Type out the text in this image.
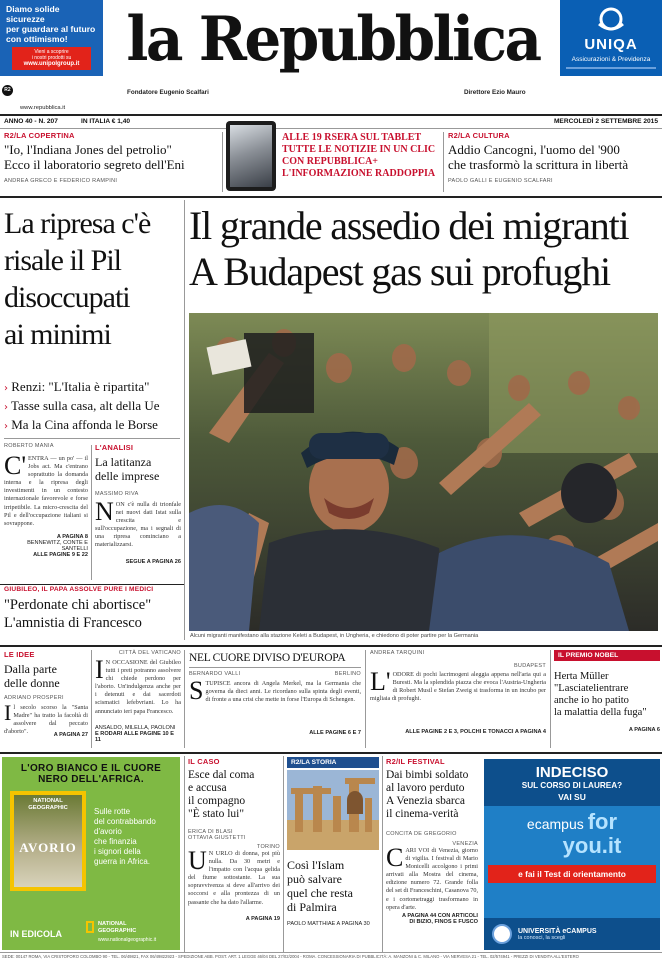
Diamo solide sicurezze
per guardare al futuro
con ottimismo!
Vieni a scoprire
i nostri prodotti su
www.unipolgroup.it
R2
www.repubblica.it
la Repubblica
Fondatore Eugenio Scalfari	Direttore Ezio Mauro
UNIQA
Assicurazioni & Previdenza
ANNO 40 - N. 207	IN ITALIA € 1,40	MERCOLEDÌ 2 SETTEMBRE 2015
R2/LA COPERTINA
"Io, l'Indiana Jones del petrolio"
Ecco il laboratorio segreto dell'Eni
ANDREA GRECO E FEDERICO RAMPINI
ALLE 19 RSERA SUL TABLET
TUTTE LE NOTIZIE IN UN CLIC
CON REPUBBLICA+
L'INFORMAZIONE RADDOPPIA
R2/LA CULTURA
Addio Cancogni, l'uomo del '900
che trasformò la scrittura in libertà
PAOLO GALLI E EUGENIO SCALFARI
La ripresa c'è
risale il Pil
disoccupati
ai minimi
› Renzi: "L'Italia è ripartita"
› Tasse sulla casa, alt della Ue
› Ma la Cina affonda le Borse
ROBERTO MANIA
C' ENTRA — un po' — il Jobs act. Ma c'entrano soprattutto la domanda interna e la ripresa degli investimenti in un contesto internazionale favorevole e forse irripetibile. La micro-crescita del Pil e dell'occupazione italiani si sovrappone.
A PAGINA 8
BENNEWITZ, CONTE E SANTELLI
ALLE PAGINE 9 E 22
L'ANALISI
La latitanza
delle imprese
MASSIMO RIVA
NON c'è nulla di trionfale nei nuovi dati Istat sulla crescita e sull'occupazione, ma i segnali di una ripresa cominciano a materializzarsi.
SEGUE A PAGINA 26
Il grande assedio dei migranti
A Budapest gas sui profughi
Alcuni migranti manifestano alla stazione Keleti a Budapest, in Ungheria, e chiedono di poter partire per la Germania
GIUBILEO, IL PAPA ASSOLVE PURE I MEDICI
"Perdonate chi abortisce"
L'amnistia di Francesco
LE IDEE
Dalla parte
delle donne
ADRIANO PROSPERI
Il secolo scorso la "Santa Madre" ha tratto la facoltà di assolvere dal peccato d'aborto".	A PAGINA 27
CITTÀ DEL VATICANO
I N OCCASIONE del Giubileo tutti i preti potranno assolvere chi chiede perdono per l'aborto. Un'indulgenza anche per i detenuti e dai sacerdoti scismatici lefebvriani. Lo ha annunciato ieri papa Francesco.
ANSALDO, MILELLA, PAOLONI
E RODARI ALLE PAGINE 10 E 11
NEL CUORE DIVISO D'EUROPA
BERNARDO VALLI	BERLINO
STUPISCE ancora di Angela Merkel, ma la Germania che governa da dieci anni. Le ricordano sulla spinta degli eventi, di fronte a una crisi che mette in forse l'Europa di Schengen.
ALLE PAGINE 6 E 7
ANDREA TARQUINI
BUDAPEST
L' ODORE di pochi lacrimogeni aleggia appena nell'aria qui a Buresti. Ma la splendida piazza che evoca l'Austria-Ungheria di Robert Musil e Stefan Zweig si trasforma in un incubo per migliaia di profughi.
ALLE PAGINE 2 E 3, POLCHI E TONACCI A PAGINA 4
IL PREMIO NOBEL
Herta Müller
"Lasciatelientrare
anche io ho patito
la malattia della fuga"
A PAGINA 6
L'ORO BIANCO E IL CUORE
NERO DELL'AFRICA.
NATIONAL GEOGRAPHIC
AVORIO
Sulle rotte
del contrabbando
d'avorio
che finanzia
i signori della
guerra in Africa.
IN EDICOLA
NATIONAL GEOGRAPHIC
www.nationalgeographic.it
IL CASO
Esce dal coma
e accusa
il compagno
"È stato lui"
ERICA DI BLASI
OTTAVIA GIUSTETTI
TORINO
U N URLO di donna, poi più nulla. Da 30 metri e l'impatto con l'acqua gelida del fiume sottostante. La sua sopravvivenza si deve all'arrivo dei soccorsi e alla prontezza di un passante che ha dato l'allarme.
A PAGINA 19
R2/LA STORIA
Così l'Islam
può salvare
quel che resta
di Palmira
PAOLO MATTHIAE A PAGINA 30
R2/IL FESTIVAL
Dai bimbi soldato
al lavoro perduto
A Venezia sbarca
il cinema-verità
CONCITA DE GREGORIO
VENEZIA
CARI VOI di Venezia, giorno di vigilia. I festival di Mario Monicelli accolgono i primi arrivati alla Mostra del cinema, edizione numero 72. Grande folla del set di Franceschini, Casanova 70, e i cortometraggi trasformano in opera d'arte.
A PAGINA 44 CON ARTICOLI
DI BIZIO, FINOS E FUSCO
INDECISO
SUL CORSO DI LAUREA?
VAI SU
ecampus for
you.it
e fai il Test di orientamento
UNIVERSITÀ eCAMPUS
la conosci, la scegli
SEDE: 00147 ROMA, VIA CRISTOFORO COLOMBO 90 - TEL. 06/49821, FAX 06/49822923 - SPEDIZIONE ABB. POST. ART. 1 LEGGE 46/04 DEL 27/02/2004 - ROMA. CONCESSIONARIA DI PUBBLICITÀ: A. MANZONI & C. MILANO - VIA NERVESA 21 - TEL. 02/574941 - PREZZI DI VENDITA ALL'ESTERO
